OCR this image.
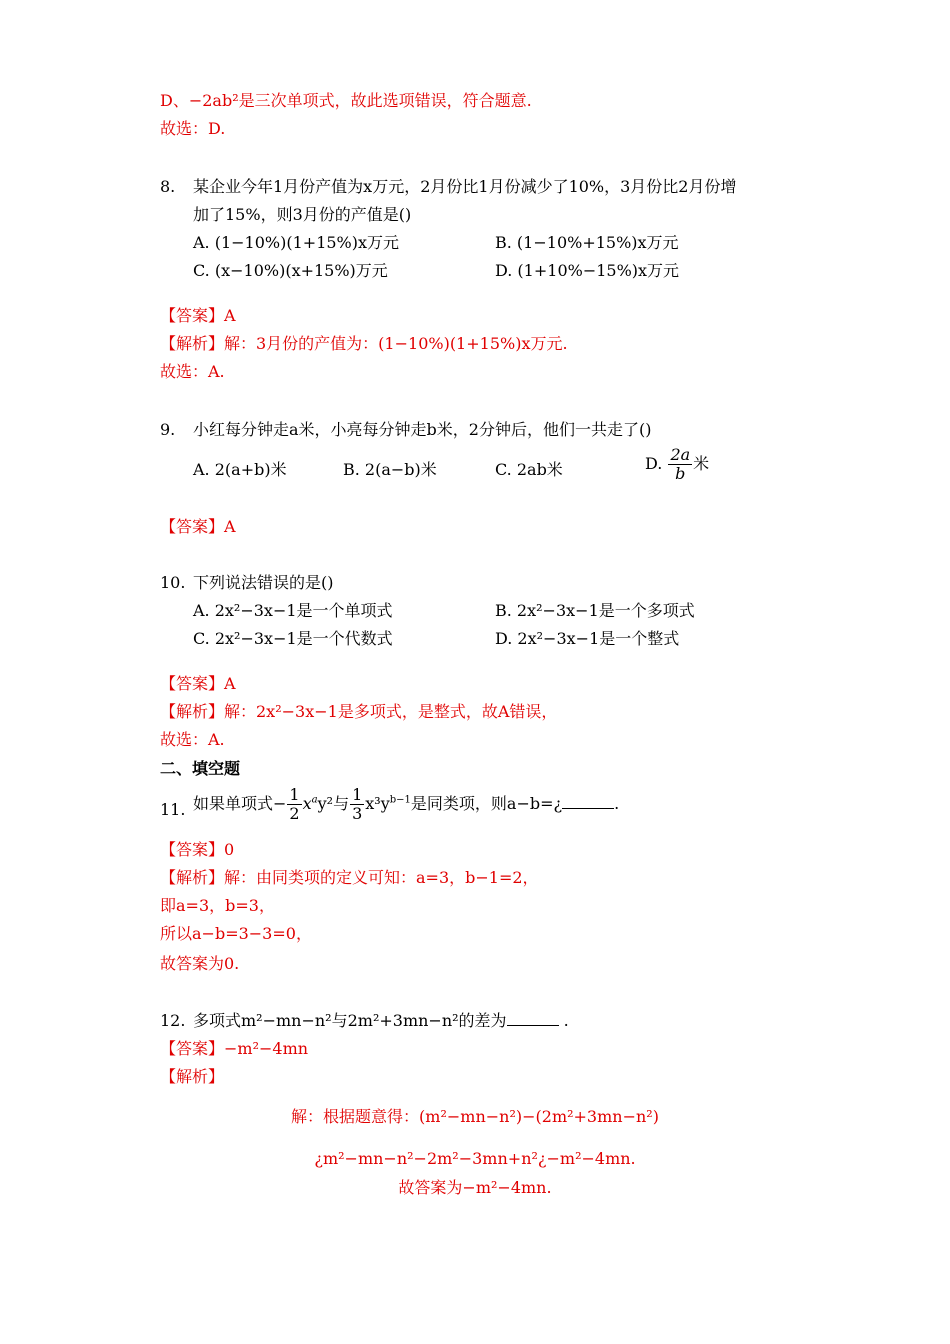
D、−2ab²是三次单项式，故此选项错误，符合题意.
故选：D.
8. 某企业今年1月份产值为x万元，2月份比1月份减少了10%，3月份比2月份增
加了15%，则3月份的产值是()
A. (1−10%)(1+15%)x万元	B. (1−10%+15%)x万元
C. (x−10%)(x+15%)万元	D. (1+10%−15%)x万元
【答案】A
【解析】解：3月份的产值为：(1−10%)(1+15%)x万元.
故选：A.
9. 小红每分钟走a米，小亮每分钟走b米，2分钟后，他们一共走了()
A. 2(a+b)米	B. 2(a−b)米	C. 2ab米	D. $\frac{2a}{b}$ 米
【答案】A
10. 下列说法错误的是()
A. 2x²−3x−1是一个单项式	B. 2x²−3x−1是一个多项式
C. 2x²−3x−1是一个代数式	D. 2x²−3x−1是一个整式
【答案】A
【解析】解：2x²−3x−1是多项式，是整式，故A错误，
故选：A.
二、填空题
11. 如果单项式− $\frac{1}{2} x^ay^2$与 $\frac{1}{3} x^3y^{b-1}$是同类项，则a−b=¿	.
【答案】0
【解析】解：由同类项的定义可知：a=3，b−1=2，
即a=3，b=3，
所以a−b=3−3=0，
故答案为0.
12. 多项式m²−mn−n²与2m²+3mn−n²的差为	.
【答案】−m²−4mn
【解析】
解：根据题意得：(m²−mn−n²)−(2m²+3mn−n²)
¿m²−mn−n²−2m²−3mn+n²¿−m²−4mn.
故答案为−m²−4mn.
